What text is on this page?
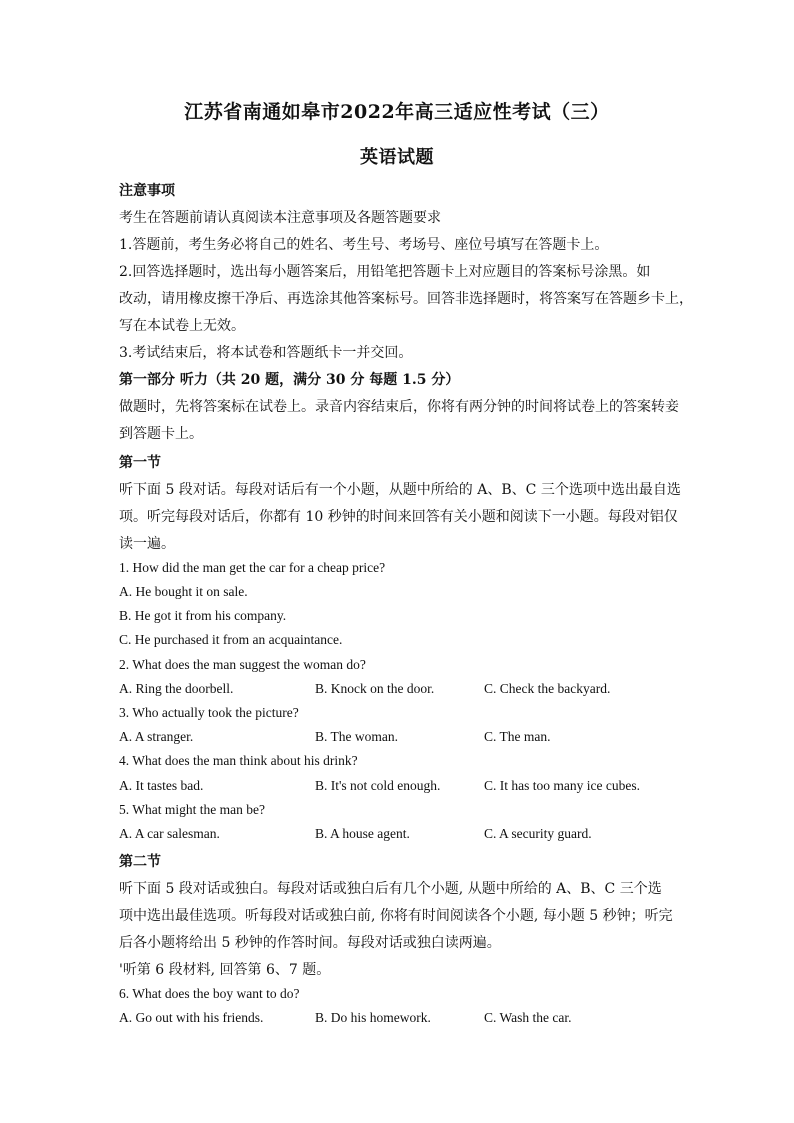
江苏省南通如皋市2022年高三适应性考试（三）
英语试题
注意事项
考生在答题前请认真阅读本注意事项及各题答题要求
1.答题前，考生务必将自己的姓名、考生号、考场号、座位号填写在答题卡上。
2.回答选择题时，选出每小题答案后，用铅笔把答题卡上对应题目的答案标号涂黑。如
改动，请用橡皮擦干净后、再选涂其他答案标号。回答非选择题时，将答案写在答题乡卡上，
写在本试卷上无效。
3.考试结束后，将本试卷和答题纸卡一并交回。
第一部分 听力（共 20 题，满分 30 分 每题 1.5 分）
做题时，先将答案标在试卷上。录音内容结束后，你将有两分钟的时间将试卷上的答案转妾
到答题卡上。
第一节
听下面 5 段对话。每段对话后有一个小题，从题中所给的 A、B、C 三个选项中选出最自选
项。听完每段对话后，你都有 10 秒钟的时间来回答有关小题和阅读下一小题。每段对铝仅
读一遍。
1. How did the man get the car for a cheap price?
A. He bought it on sale.
B. He got it from his company.
C. He purchased it from an acquaintance.
2. What does the man suggest the woman do?
A. Ring the doorbell.	B. Knock on the door.	C. Check the backyard.
3. Who actually took the picture?
A. A stranger.	B. The woman.	C. The man.
4. What does the man think about his drink?
A. It tastes bad.	B. It's not cold enough.	C. It has too many ice cubes.
5. What might the man be?
A. A car salesman.	B. A house agent.	C. A security guard.
第二节
听下面 5 段对话或独白。每段对话或独白后有几个小题, 从题中所给的 A、B、C 三个选
项中选出最佳选项。听每段对话或独白前, 你将有时间阅读各个小题, 每小题 5 秒钟；听完
后各小题将给出 5 秒钟的作答时间。每段对话或独白读两遍。
'听第 6 段材料, 回答第 6、7 题。
6. What does the boy want to do?
A. Go out with his friends.	B. Do his homework.	C. Wash the car.
